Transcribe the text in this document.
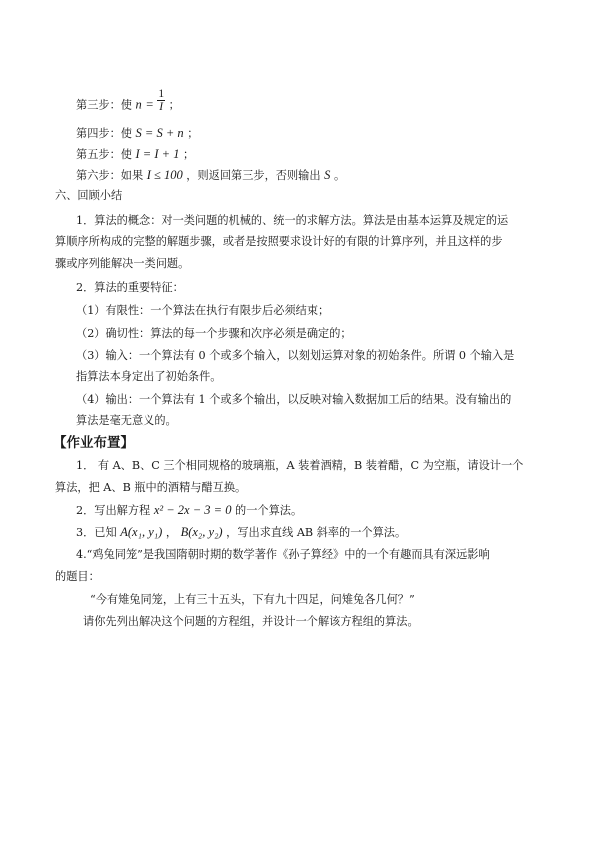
第三步：使 $n = \frac{1}{I}$ ；
第四步：使 S = S + n ；
第五步：使 I = I + 1 ；
第六步：如果 I ≤ 100 ，则返回第三步，否则输出 S 。
六、回顾小结
1．算法的概念：对一类问题的机械的、统一的求解方法。算法是由基本运算及规定的运
算顺序所构成的完整的解题步骤，或者是按照要求设计好的有限的计算序列，并且这样的步
骤或序列能解决一类问题。
2．算法的重要特征：
（1）有限性：一个算法在执行有限步后必须结束；
（2）确切性：算法的每一个步骤和次序必须是确定的；
（3）输入：一个算法有 0 个或多个输入，以刻划运算对象的初始条件。所谓 0 个输入是
指算法本身定出了初始条件。
（4）输出：一个算法有 1 个或多个输出，以反映对输入数据加工后的结果。没有输出的
算法是毫无意义的。
【作业布置】
1． 有 A、B、C 三个相同规格的玻璃瓶，A 装着酒精，B 装着醋，C 为空瓶，请设计一个
算法，把 A、B 瓶中的酒精与醋互换。
2．写出解方程 x² − 2x − 3 = 0 的一个算法。
3．已知 A(x₁, y₁) ， B(x₂, y₂) ，写出求直线 AB 斜率的一个算法。
4.“鸡兔同笼”是我国隋朝时期的数学著作《孙子算经》中的一个有趣而具有深远影响
的题目：
“今有雉兔同笼，上有三十五头，下有九十四足，问雉兔各几何？”
请你先列出解决这个问题的方程组，并设计一个解该方程组的算法。
